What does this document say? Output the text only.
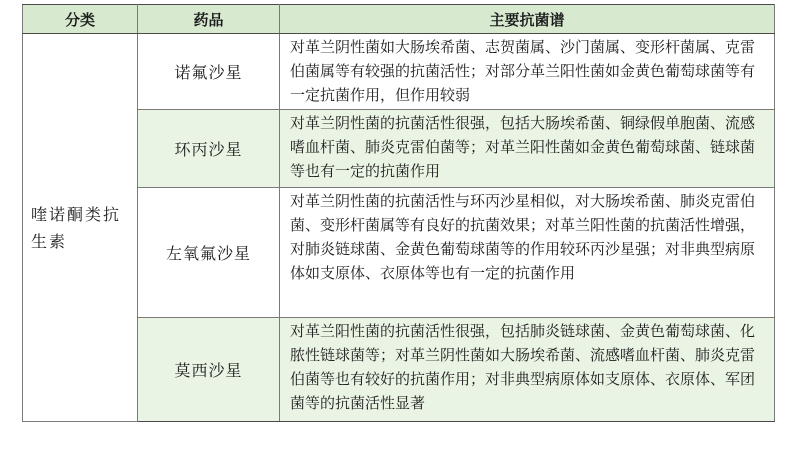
分类	药品	主要抗菌谱
喹诺酮类抗生素	诺氟沙星	对革兰阴性菌如大肠埃希菌、志贺菌属、沙门菌属、变形杆菌属、克雷伯菌属等有较强的抗菌活性；对部分革兰阳性菌如金黄色葡萄球菌等有一定抗菌作用，但作用较弱
	环丙沙星	对革兰阴性菌的抗菌活性很强，包括大肠埃希菌、铜绿假单胞菌、流感嗜血杆菌、肺炎克雷伯菌等；对革兰阳性菌如金黄色葡萄球菌、链球菌等也有一定的抗菌作用
	左氧氟沙星	对革兰阴性菌的抗菌活性与环丙沙星相似，对大肠埃希菌、肺炎克雷伯菌、变形杆菌属等有良好的抗菌效果；对革兰阳性菌的抗菌活性增强，对肺炎链球菌、金黄色葡萄球菌等的作用较环丙沙星强；对非典型病原体如支原体、衣原体等也有一定的抗菌作用
	莫西沙星	对革兰阳性菌的抗菌活性很强，包括肺炎链球菌、金黄色葡萄球菌、化脓性链球菌等；对革兰阴性菌如大肠埃希菌、流感嗜血杆菌、肺炎克雷伯菌等也有较好的抗菌作用；对非典型病原体如支原体、衣原体、军团菌等的抗菌活性显著
